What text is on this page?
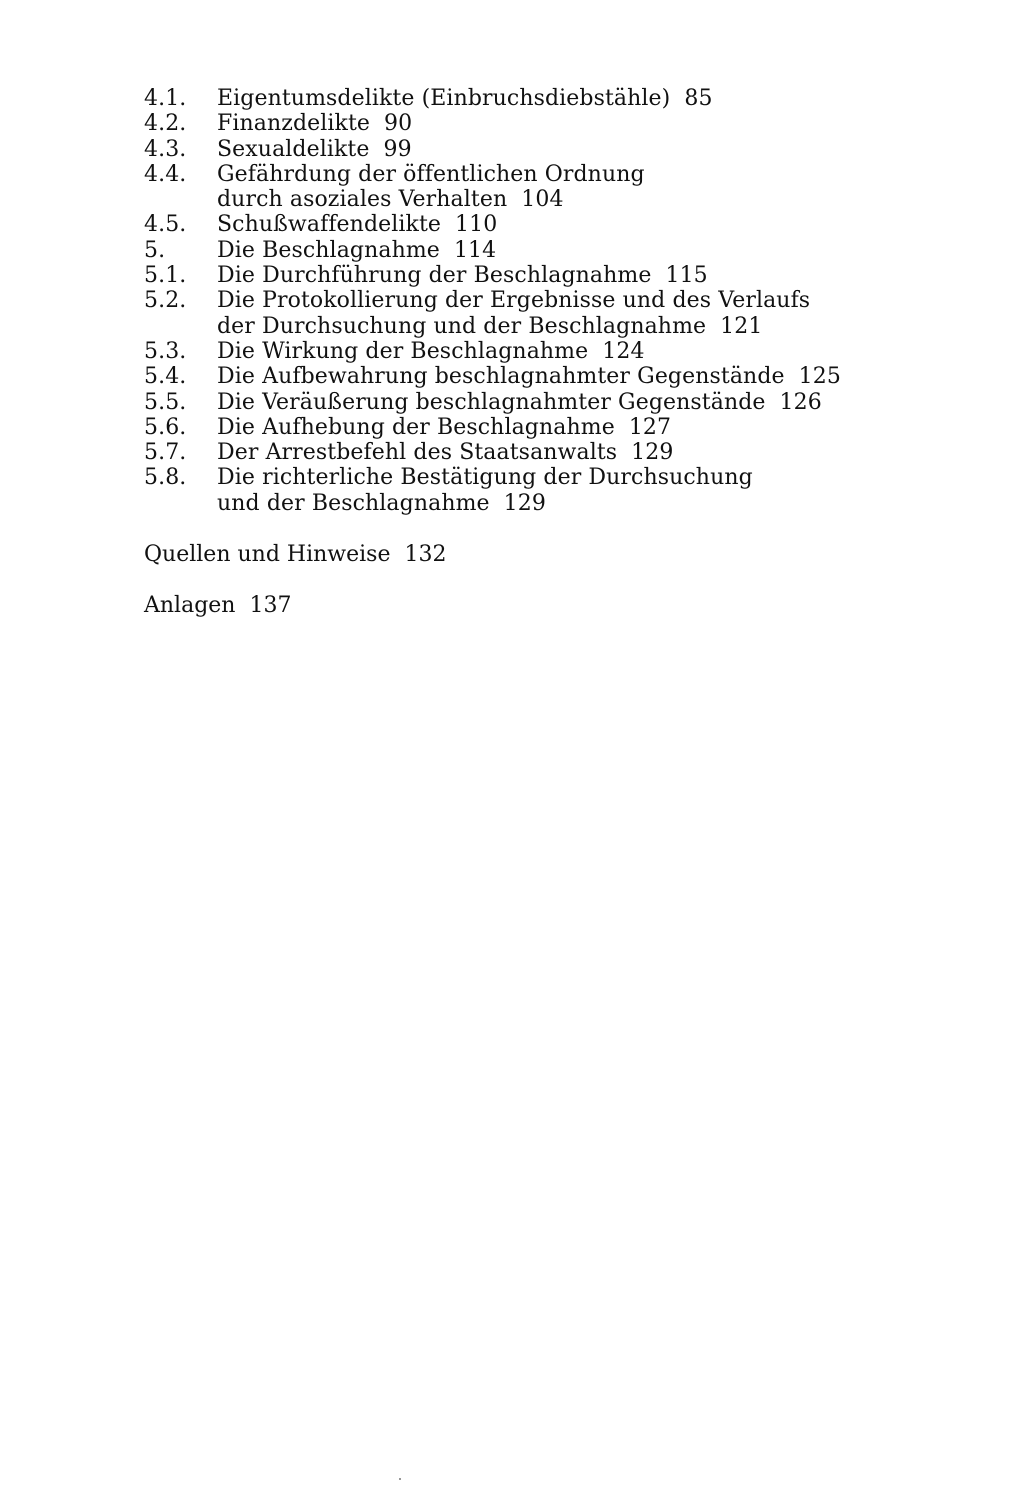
4.1.	Eigentumsdelikte (Einbruchsdiebstähle) 85
4.2.	Finanzdelikte 90
4.3.	Sexualdelikte 99
4.4.	Gefährdung der öffentlichen Ordnung
durch asoziales Verhalten 104
4.5.	Schußwaffendelikte 110
5.	Die Beschlagnahme 114
5.1.	Die Durchführung der Beschlagnahme 115
5.2.	Die Protokollierung der Ergebnisse und des Verlaufs
der Durchsuchung und der Beschlagnahme 121
5.3.	Die Wirkung der Beschlagnahme 124
5.4.	Die Aufbewahrung beschlagnahmter Gegenstände 125
5.5.	Die Veräußerung beschlagnahmter Gegenstände 126
5.6.	Die Aufhebung der Beschlagnahme 127
5.7.	Der Arrestbefehl des Staatsanwalts 129
5.8.	Die richterliche Bestätigung der Durchsuchung
und der Beschlagnahme 129
Quellen und Hinweise 132
Anlagen 137
